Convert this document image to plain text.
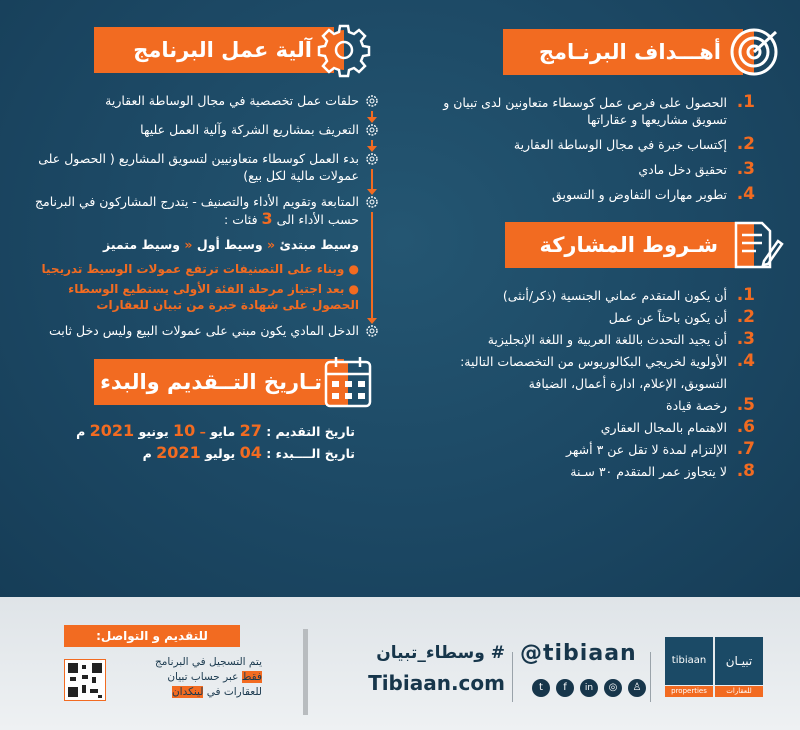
أهـــداف البرنـامج
1.
الحصول على فرص عمل كوسطاء متعاونين لدى تبيان و تسويق مشاريعها و عقاراتها
2.
إكتساب خبرة في مجال الوساطة العقارية
3.
تحقيق دخل مادي
4.
تطوير مهارات التفاوض و التسويق
شـروط المشاركة
1.
أن يكون المتقدم عماني الجنسية (ذكر/أنثى)
2.
أن يكون باحثاً عن عمل
3.
أن يجيد التحدث باللغة العربية و اللغة الإنجليزية
4.
الأولوية لخريجي البكالوريوس من التخصصات التالية:
التسويق، الإعلام، ادارة أعمال، الضيافة
5.
رخصة قيادة
6.
الاهتمام بالمجال العقاري
7.
الإلتزام لمدة لا تقل عن ٣ أشهر
8.
لا يتجاوز عمر المتقدم ٣٠ سـنة
آلية عمل البرنامج
حلقات عمل تخصصية في مجال الوساطة العقارية
التعريف بمشاريع الشركة وآلية العمل عليها
بدء العمل كوسطاء متعاونيين لتسويق المشاريع ( الحصول على عمولات مالية لكل بيع)
المتابعة وتقويم الأداء والتصنيف - يتدرج المشاركون في البرنامج حسب الأداء الى 3 فئات :
وسيط مبتدئ « وسيط أول « وسيط متميز
● وبناء على التصنيفات ترتفع عمولات الوسيط تدريجيا
● بعد اجتياز مرحلة الفئة الأولى يستطيع الوسطاء الحصول على شهادة خبرة من تبيان للعقارات
الدخل المادي يكون مبني على عمولات البيع وليس دخل ثابت
تـاريخ التــقديم والبدء
تاريخ التقديم : 27 مايو – 10 يونيو 2021 م
تاريخ الــــبدء : 04 يوليو 2021 م
للتقديم و التواصل:
يتم التسجيل في البرنامج
فقط عبر حساب تبيان
للعقارات في لينكدان
# وسطاء_تبيان
Tibiaan.com
@tibiaan
t	f	in	◎	♙
tibiaan	تبيـان
properties	للعقارات
